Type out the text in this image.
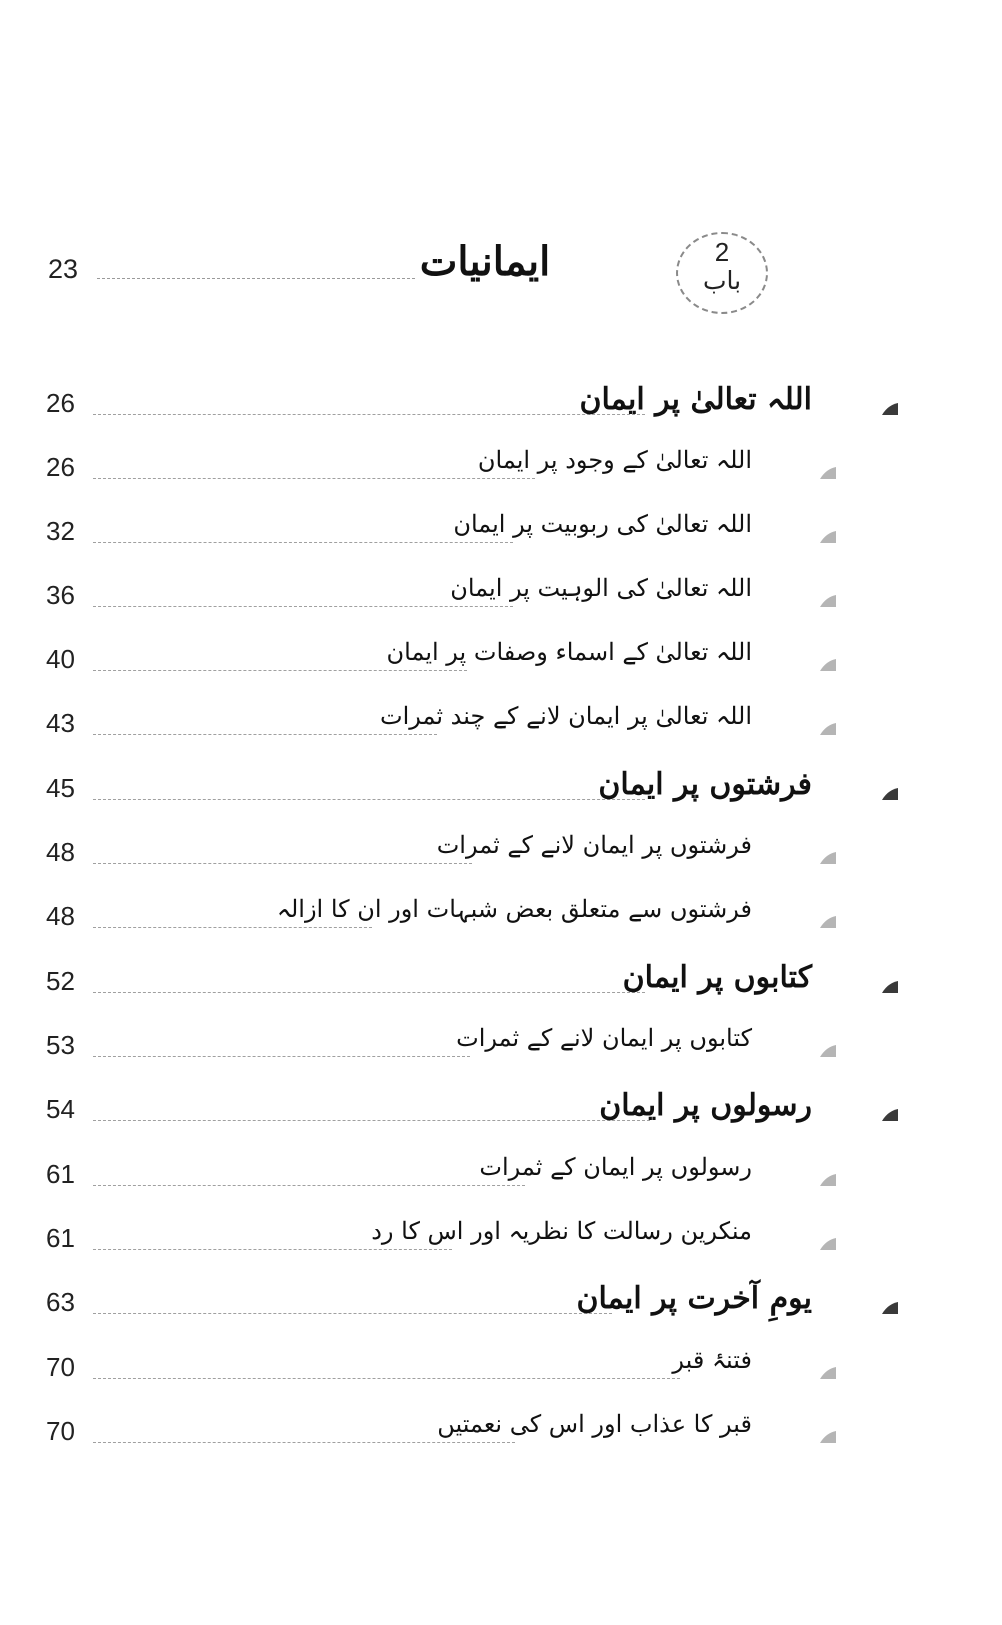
23	ایمانیات	2
باب
26	اللہ تعالیٰ پر ایمان
26	اللہ تعالیٰ کے وجود پر ایمان
32	اللہ تعالیٰ کی ربوبیت پر ایمان
36	اللہ تعالیٰ کی الوہیت پر ایمان
40	اللہ تعالیٰ کے اسماء وصفات پر ایمان
43	اللہ تعالیٰ پر ایمان لانے کے چند ثمرات
45	فرشتوں پر ایمان
48	فرشتوں پر ایمان لانے کے ثمرات
48	فرشتوں سے متعلق بعض شبہات اور ان کا ازالہ
52	کتابوں پر ایمان
53	کتابوں پر ایمان لانے کے ثمرات
54	رسولوں پر ایمان
61	رسولوں پر ایمان کے ثمرات
61	منکرین رسالت کا نظریہ اور اس کا رد
63	یومِ آخرت پر ایمان
70	فتنۂ قبر
70	قبر کا عذاب اور اس کی نعمتیں
